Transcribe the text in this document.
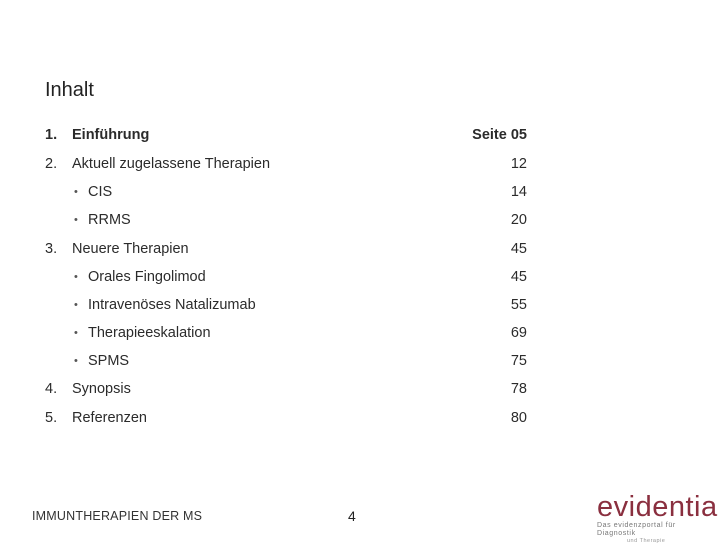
Inhalt
1. Einführung	Seite 05
2. Aktuell zugelassene Therapien	12
• CIS	14
• RRMS	20
3. Neuere Therapien	45
• Orales Fingolimod	45
• Intravenöses Natalizumab	55
• Therapieeskalation	69
• SPMS	75
4. Synopsis	78
5. Referenzen	80
IMMUNTHERAPIEN DER MS	4	evidentia
Das evidenzportal für Diagnostik
und Therapie
